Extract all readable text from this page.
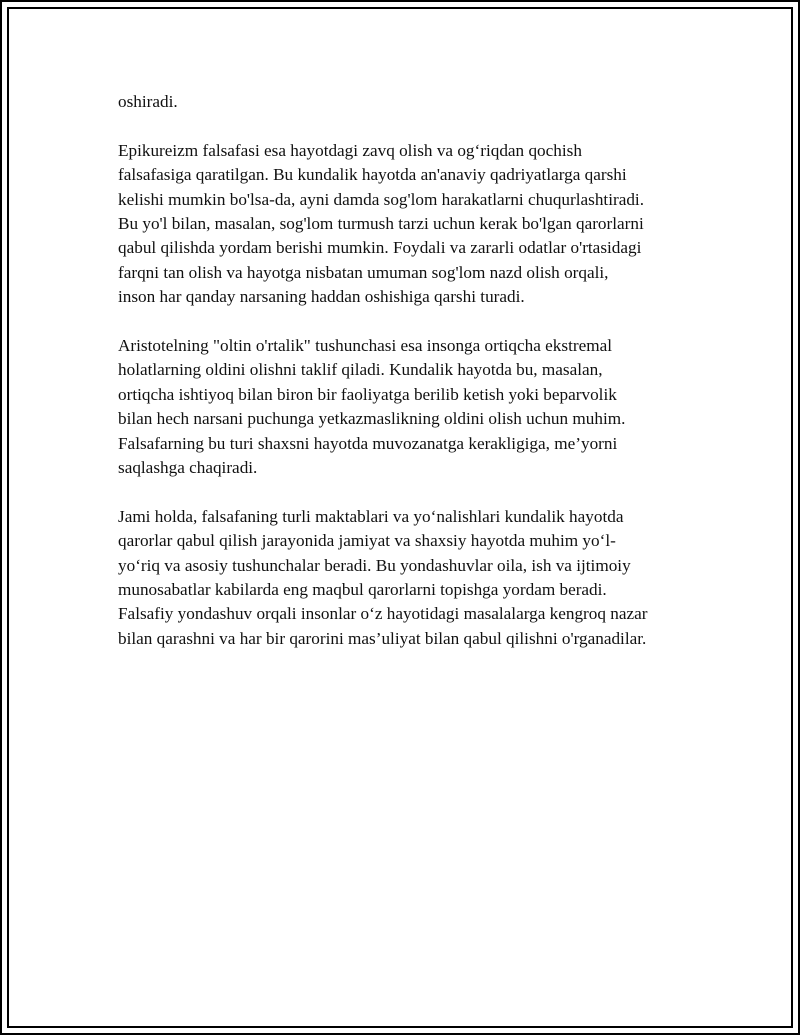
oshiradi.

Epikureizm falsafasi esa hayotdagi zavq olish va og‘riqdan qochish
falsafasiga qaratilgan. Bu kundalik hayotda an'anaviy qadriyatlarga qarshi
kelishi mumkin bo'lsa-da, ayni damda sog'lom harakatlarni chuqurlashtiradi.
Bu yo'l bilan, masalan, sog'lom turmush tarzi uchun kerak bo'lgan qarorlarni
qabul qilishda yordam berishi mumkin. Foydali va zararli odatlar o'rtasidagi
farqni tan olish va hayotga nisbatan umuman sog'lom nazd olish orqali,
inson har qanday narsaning haddan oshishiga qarshi turadi.

Aristotelning "oltin o'rtalik" tushunchasi esa insonga ortiqcha ekstremal
holatlarning oldini olishni taklif qiladi. Kundalik hayotda bu, masalan,
ortiqcha ishtiyoq bilan biron bir faoliyatga berilib ketish yoki beparvolik
bilan hech narsani puchunga yetkazmaslikning oldini olish uchun muhim.
Falsafarning bu turi shaxsni hayotda muvozanatga kerakligiga, me’yorni
saqlashga chaqiradi.

Jami holda, falsafaning turli maktablari va yo‘nalishlari kundalik hayotda
qarorlar qabul qilish jarayonida jamiyat va shaxsiy hayotda muhim yo‘l-
yo‘riq va asosiy tushunchalar beradi. Bu yondashuvlar oila, ish va ijtimoiy
munosabatlar kabilarda eng maqbul qarorlarni topishga yordam beradi.
Falsafiy yondashuv orqali insonlar o‘z hayotidagi masalalarga kengroq nazar
bilan qarashni va har bir qarorini mas’uliyat bilan qabul qilishni o'rganadilar.
